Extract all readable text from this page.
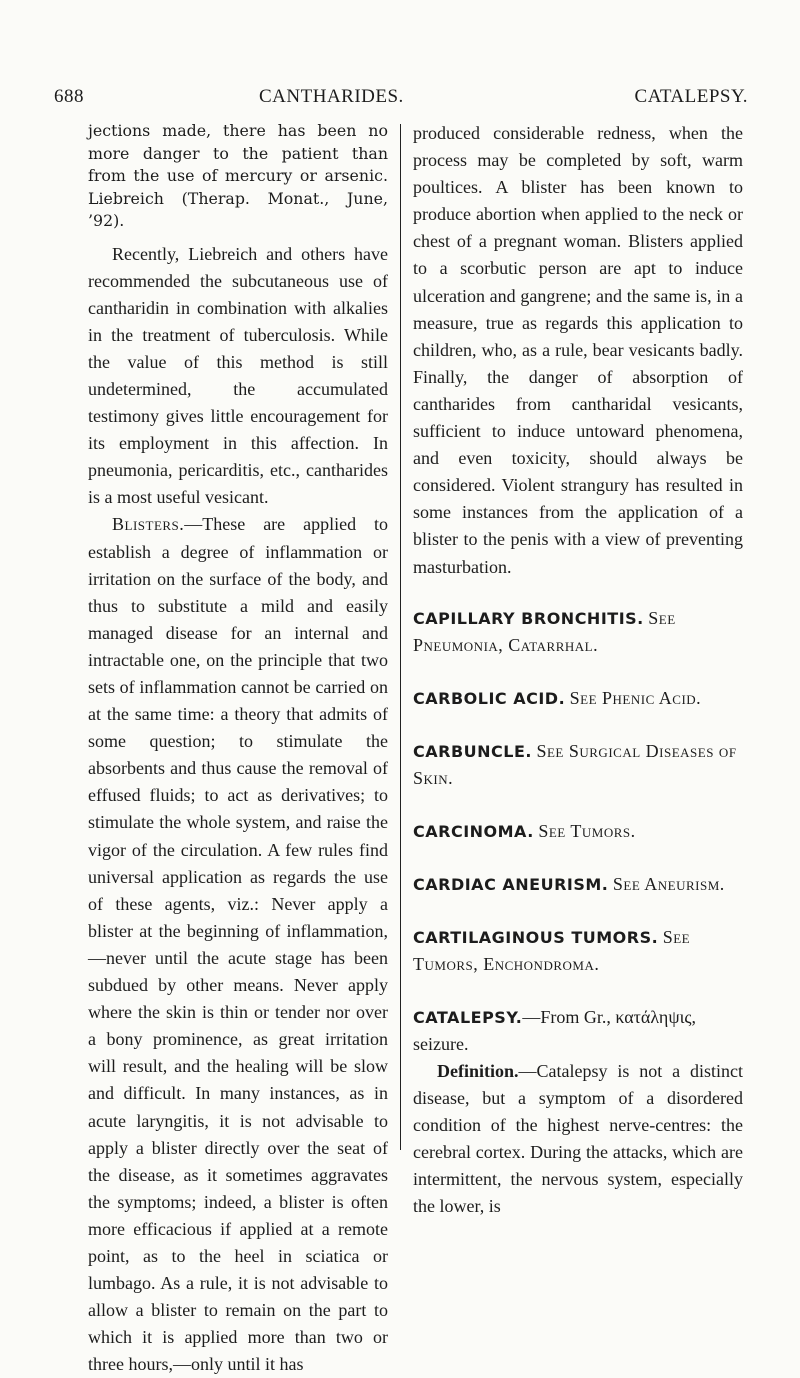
688	CANTHARIDES.	CATALEPSY.

jections made, there has been no more danger to the patient than from the use of mercury or arsenic. Liebreich (Therap. Monat., June, ’92).

Recently, Liebreich and others have recommended the subcutaneous use of cantharidin in combination with alkalies in the treatment of tuberculosis. While the value of this method is still undetermined, the accumulated testimony gives little encouragement for its employment in this affection. In pneumonia, pericarditis, etc., cantharides is a most useful vesicant.

Blisters.—These are applied to establish a degree of inflammation or irritation on the surface of the body, and thus to substitute a mild and easily managed disease for an internal and intractable one, on the principle that two sets of inflammation cannot be carried on at the same time: a theory that admits of some question; to stimulate the absorbents and thus cause the removal of effused fluids; to act as derivatives; to stimulate the whole system, and raise the vigor of the circulation. A few rules find universal application as regards the use of these agents, viz.: Never apply a blister at the beginning of inflammation,—never until the acute stage has been subdued by other means. Never apply where the skin is thin or tender nor over a bony prominence, as great irritation will result, and the healing will be slow and difficult. In many instances, as in acute laryngitis, it is not advisable to apply a blister directly over the seat of the disease, as it sometimes aggravates the symptoms; indeed, a blister is often more efficacious if applied at a remote point, as to the heel in sciatica or lumbago. As a rule, it is not advisable to allow a blister to remain on the part to which it is applied more than two or three hours,—only until it has

produced considerable redness, when the process may be completed by soft, warm poultices. A blister has been known to produce abortion when applied to the neck or chest of a pregnant woman. Blisters applied to a scorbutic person are apt to induce ulceration and gangrene; and the same is, in a measure, true as regards this application to children, who, as a rule, bear vesicants badly. Finally, the danger of absorption of cantharides from cantharidal vesicants, sufficient to induce untoward phenomena, and even toxicity, should always be considered. Violent strangury has resulted in some instances from the application of a blister to the penis with a view of preventing masturbation.

CAPILLARY BRONCHITIS. See Pneumonia, Catarrhal.

CARBOLIC ACID. See Phenic Acid.

CARBUNCLE. See Surgical Diseases of Skin.

CARCINOMA. See Tumors.

CARDIAC ANEURISM. See Aneurism.

CARTILAGINOUS TUMORS. See Tumors, Enchondroma.

CATALEPSY.—From Gr., κατάληψις, seizure.

Definition.—Catalepsy is not a distinct disease, but a symptom of a disordered condition of the highest nerve-centres: the cerebral cortex. During the attacks, which are intermittent, the nervous system, especially the lower, is
